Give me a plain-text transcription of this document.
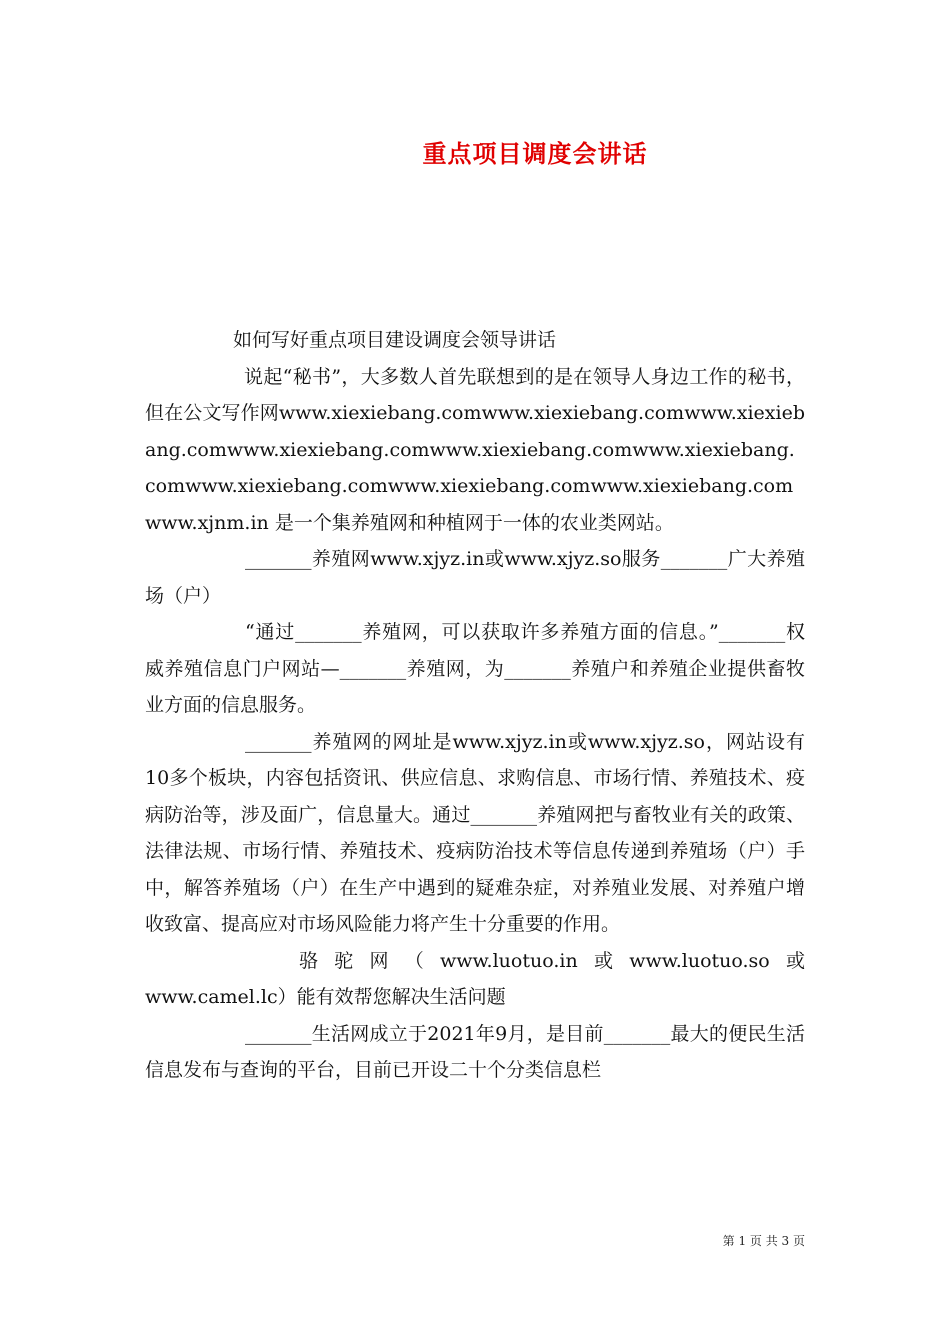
重点项目调度会讲话

如何写好重点项目建设调度会领导讲话

说起“秘书”，大多数人首先联想到的是在领导人身边工作的秘书，但在公文写作网www.xiexiebang.comwww.xiexiebang.comwww.xiexiebang.comwww.xiexiebang.comwww.xiexiebang.comwww.xiexiebang.comwww.xiexiebang.comwww.xiexiebang.comwww.xiexiebang.comwww.xjnm.in 是一个集养殖网和种植网于一体的农业类网站。

_______养殖网www.xjyz.in或www.xjyz.so服务_______广大养殖场（户）

“通过_______养殖网，可以获取许多养殖方面的信息。”_______权威养殖信息门户网站—_______养殖网，为_______养殖户和养殖企业提供畜牧业方面的信息服务。

_______养殖网的网址是www.xjyz.in或www.xjyz.so，网站设有10多个板块，内容包括资讯、供应信息、求购信息、市场行情、养殖技术、疫病防治等，涉及面广，信息量大。通过_______养殖网把与畜牧业有关的政策、法律法规、市场行情、养殖技术、疫病防治技术等信息传递到养殖场（户）手中，解答养殖场（户）在生产中遇到的疑难杂症，对养殖业发展、对养殖户增收致富、提高应对市场风险能力将产生十分重要的作用。

骆驼网（www.luotuo.in或www.luotuo.so或www.camel.lc）能有效帮您解决生活问题

_______生活网成立于2021年9月，是目前_______最大的便民生活信息发布与查询的平台，目前已开设二十个分类信息栏

第 1 页 共 3 页
